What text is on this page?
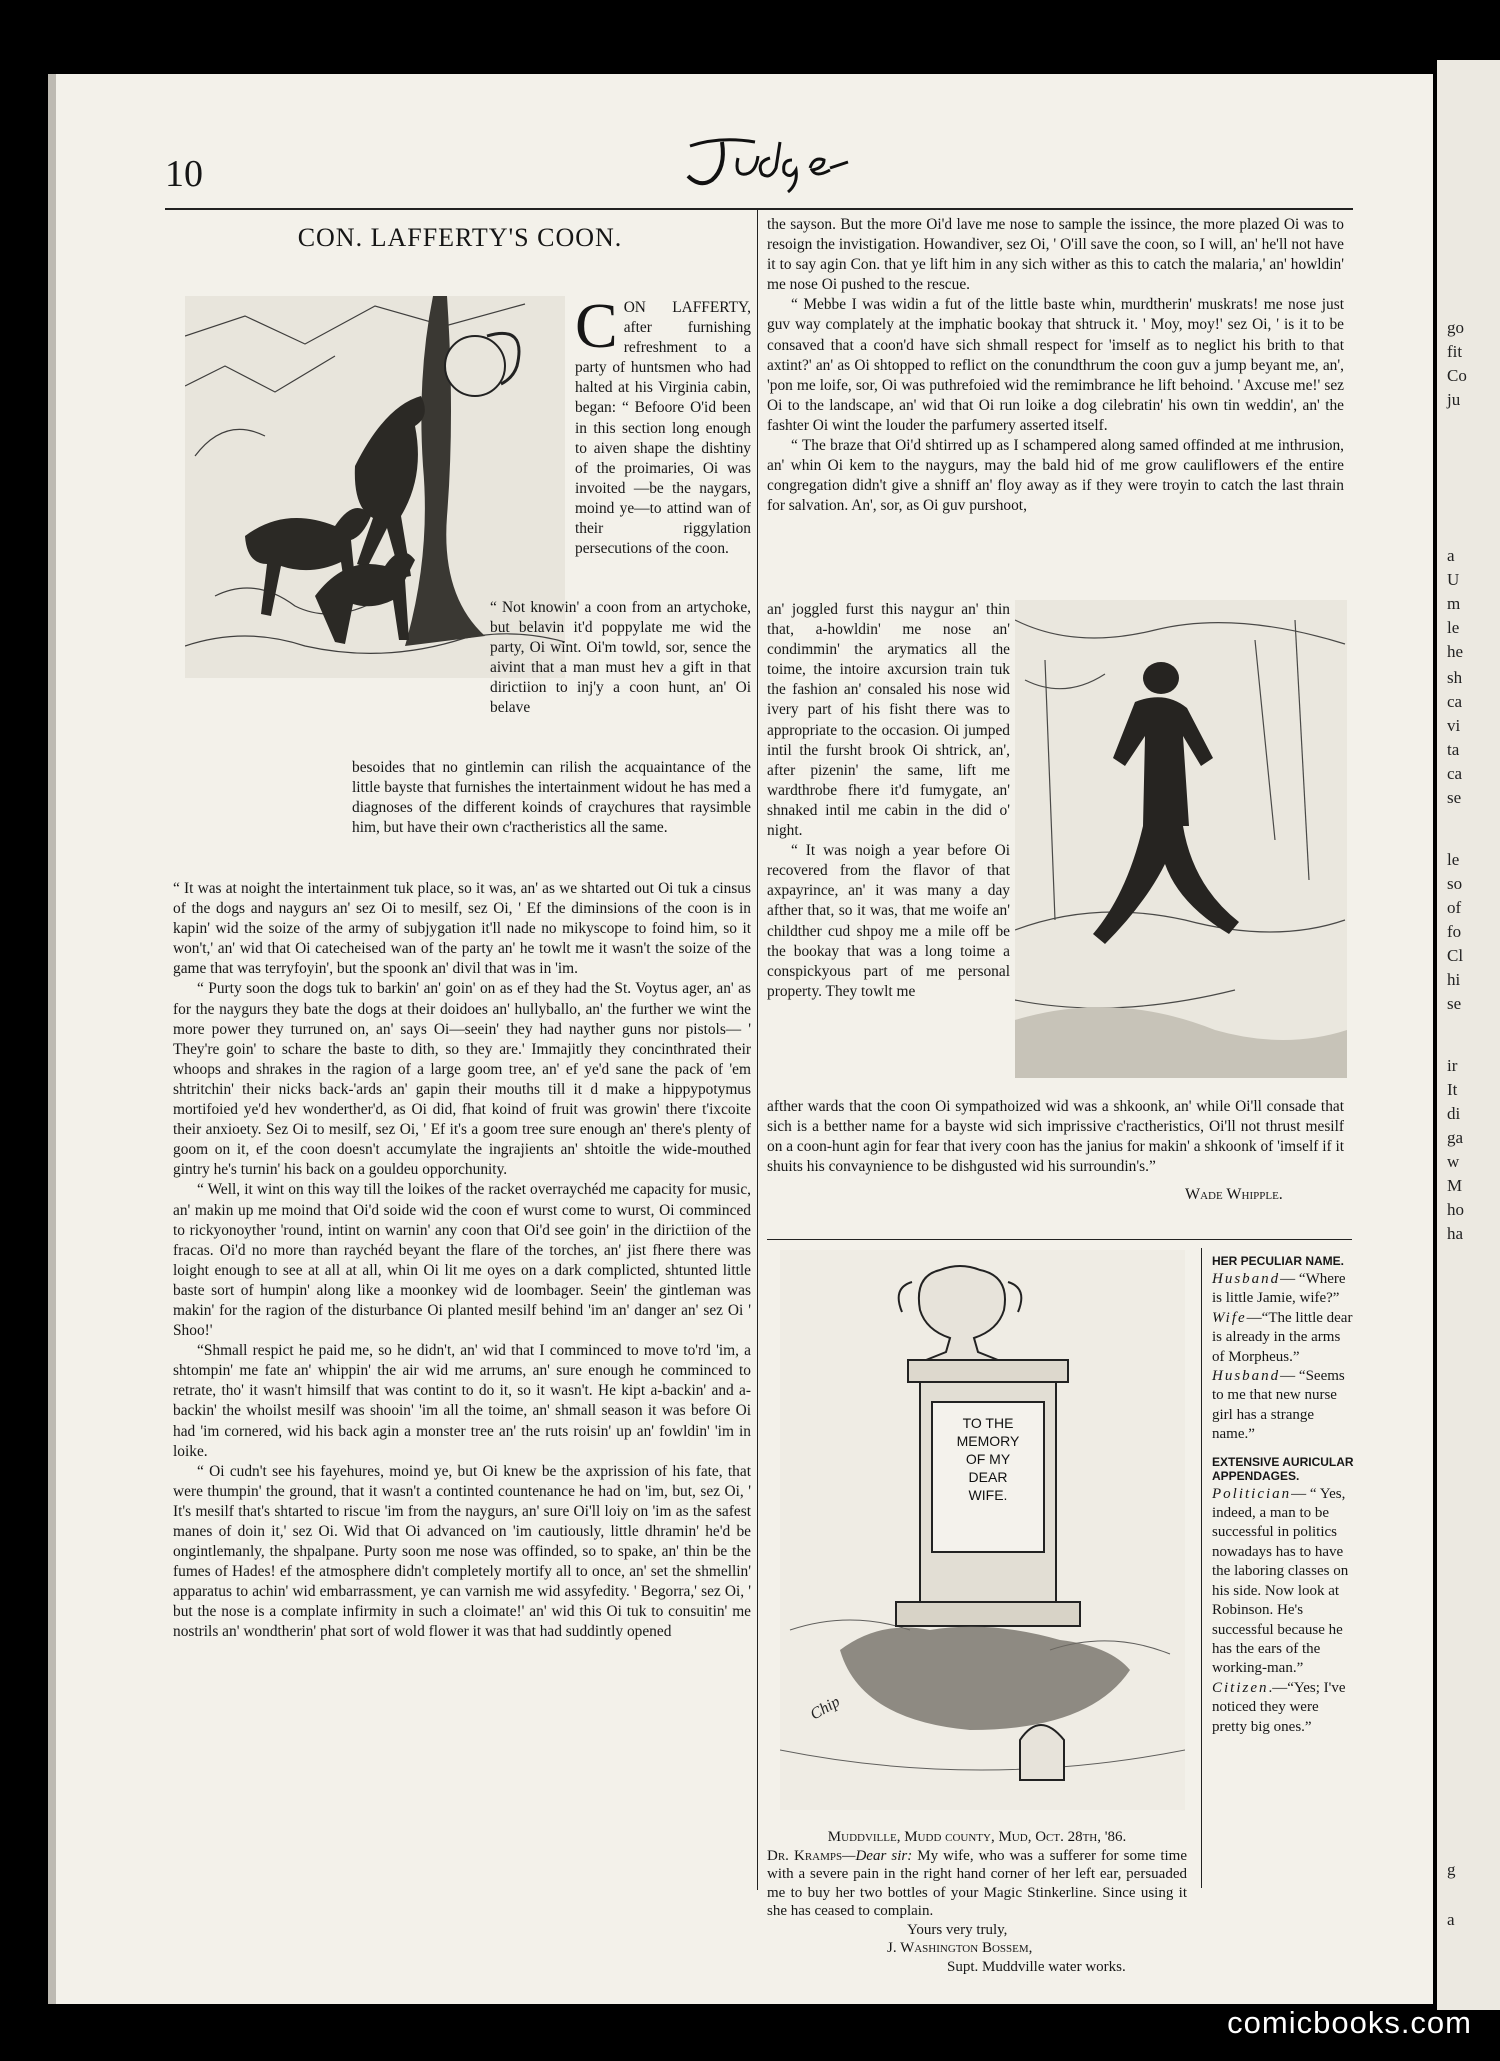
go
fit
Co
ju
a
U
m
le
he
sh
ca
vi
ta
ca
se
le
so
of
fo
Cl
hi
se
ir
It
di
ga
w
M
ho
ha
g
a
10
CON. LAFFERTY'S COON.

CON LAFFERTY, after furnishing refreshment to a party of huntsmen who had halted at his Virginia cabin, began: “ Befoore O'id been in this section long enough to aiven shape the dishtiny of the proimaries, Oi was invoited —be the naygars, moind ye—to attind wan of their riggylation persecutions of the coon.

“ Not knowin' a coon from an artychoke, but belavin it'd poppylate me wid the party, Oi wint. Oi'm towld, sor, sence the aivint that a man must hev a gift in that dirictiion to inj'y a coon hunt, an' Oi belave

besoides that no gintlemin can rilish the acquaintance of the little bayste that furnishes the intertainment widout he has med a diagnoses of the different koinds of craychures that raysimble him, but have their own c'ractheristics all the same.

“ It was at noight the intertainment tuk place, so it was, an' as we shtarted out Oi tuk a cinsus of the dogs and naygurs an' sez Oi to mesilf, sez Oi, ' Ef the diminsions of the coon is in kapin' wid the soize of the army of subjygation it'll nade no mikyscope to foind him, so it won't,' an' wid that Oi catecheised wan of the party an' he towlt me it wasn't the soize of the game that was terryfoyin', but the spoonk an' divil that was in 'im.

“ Purty soon the dogs tuk to barkin' an' goin' on as ef they had the St. Voytus ager, an' as for the naygurs they bate the dogs at their doidoes an' hullyballo, an' the further we wint the more power they turruned on, an' says Oi—seein' they had nayther guns nor pistols— ' They're goin' to schare the baste to dith, so they are.' Immajitly they concinthrated their whoops and shrakes in the ragion of a large goom tree, an' ef ye'd sane the pack of 'em shtritchin' their nicks back-'ards an' gapin their mouths till it d make a hippypotymus mortifoied ye'd hev wonderther'd, as Oi did, fhat koind of fruit was growin' there t'ixcoite their anxioety. Sez Oi to mesilf, sez Oi, ' Ef it's a goom tree sure enough an' there's plenty of goom on it, ef the coon doesn't accumylate the ingrajients an' shtoitle the wide-mouthed gintry he's turnin' his back on a gouldeu opporchunity.

“ Well, it wint on this way till the loikes of the racket overraychéd me capacity for music, an' makin up me moind that Oi'd soide wid the coon ef wurst come to wurst, Oi comminced to rickyonoyther 'round, intint on warnin' any coon that Oi'd see goin' in the dirictiion of the fracas. Oi'd no more than raychéd beyant the flare of the torches, an' jist fhere there was loight enough to see at all at all, whin Oi lit me oyes on a dark complicted, shtunted little baste sort of humpin' along like a moonkey wid de loombager. Seein' the gintleman was makin' for the ragion of the disturbance Oi planted mesilf behind 'im an' danger an' sez Oi ' Shoo!'

“Shmall respict he paid me, so he didn't, an' wid that I comminced to move to'rd 'im, a shtompin' me fate an' whippin' the air wid me arrums, an' sure enough he comminced to retrate, tho' it wasn't himsilf that was contint to do it, so it wasn't. He kipt a-backin' and a-backin' the whoilst mesilf was shooin' 'im all the toime, an' shmall season it was before Oi had 'im cornered, wid his back agin a monster tree an' the ruts roisin' up an' fowldin' 'im in loike.

“ Oi cudn't see his fayehures, moind ye, but Oi knew be the axprission of his fate, that were thumpin' the ground, that it wasn't a continted countenance he had on 'im, but, sez Oi, ' It's mesilf that's shtarted to riscue 'im from the naygurs, an' sure Oi'll loiy on 'im as the safest manes of doin it,' sez Oi. Wid that Oi advanced on 'im cautiously, little dhramin' he'd be ongintlemanly, the shpalpane. Purty soon me nose was offinded, so to spake, an' thin be the fumes of Hades! ef the atmosphere didn't completely mortify all to once, an' set the shmellin' apparatus to achin' wid embarrassment, ye can varnish me wid assyfedity. ' Begorra,' sez Oi, ' but the nose is a complate infirmity in such a cloimate!' an' wid this Oi tuk to consuitin' me nostrils an' wondtherin' phat sort of wold flower it was that had suddintly opened

the sayson. But the more Oi'd lave me nose to sample the issince, the more plazed Oi was to resoign the invistigation. Howandiver, sez Oi, ' O'ill save the coon, so I will, an' he'll not have it to say agin Con. that ye lift him in any sich wither as this to catch the malaria,' an' howldin' me nose Oi pushed to the rescue.

“ Mebbe I was widin a fut of the little baste whin, murdtherin' muskrats! me nose just guv way complately at the imphatic bookay that shtruck it. ' Moy, moy!' sez Oi, ' is it to be consaved that a coon'd have sich shmall respect for 'imself as to neglict his brith to that axtint?' an' as Oi shtopped to reflict on the conundthrum the coon guv a jump beyant me, an', 'pon me loife, sor, Oi was puthrefoied wid the remimbrance he lift behoind. ' Axcuse me!' sez Oi to the landscape, an' wid that Oi run loike a dog cilebratin' his own tin weddin', an' the fashter Oi wint the louder the parfumery asserted itself.

“ The braze that Oi'd shtirred up as I schampered along samed offinded at me inthrusion, an' whin Oi kem to the naygurs, may the bald hid of me grow cauliflowers ef the entire congregation didn't give a shniff an' floy away as if they were troyin to catch the last thrain for salvation. An', sor, as Oi guv purshoot,

an' joggled furst this naygur an' thin that, a-howldin' me nose an' condimmin' the arymatics all the toime, the intoire axcursion train tuk the fashion an' consaled his nose wid ivery part of his fisht there was to appropriate to the occasion. Oi jumped intil the fursht brook Oi shtrick, an', after pizenin' the same, lift me wardthrobe fhere it'd fumygate, an' shnaked intil me cabin in the did o' night.

“ It was noigh a year before Oi recovered from the flavor of that axpayrince, an' it was many a day afther that, so it was, that me woife an' childther cud shpoy me a mile off be the bookay that was a long toime a conspickyous part of me personal property. They towlt me

afther wards that the coon Oi sympathoized wid was a shkoonk, an' while Oi'll consade that sich is a betther name for a bayste wid sich imprissive c'ractheristics, Oi'll not thrust mesilf on a coon-hunt agin for fear that ivery coon has the janius for makin' a shkoonk of 'imself if it shuits his convaynience to be dishgusted wid his surroundin's.”

Wade Whipple.
TO THE MEMORY OF MY DEAR WIFE.
Chip

Muddville, Mudd county, Mud, Oct. 28th, '86.

Dr. Kramps—Dear sir: My wife, who was a sufferer for some time with a severe pain in the right hand corner of her left ear, persuaded me to buy her two bottles of your Magic Stinkerline. Since using it she has ceased to complain.

Yours very truly,

J. Washington Bossem,

Supt. Muddville water works.

HER PECULIAR NAME.

Husband— “Where is little Jamie, wife?”

Wife—“The little dear is already in the arms of Morpheus.”

Husband— “Seems to me that new nurse girl has a strange name.”

EXTENSIVE AURICULAR APPENDAGES.

Politician— “ Yes, indeed, a man to be successful in politics nowadays has to have the laboring classes on his side. Now look at Robinson. He's successful because he has the ears of the working-man.”

Citizen.—“Yes; I've noticed they were pretty big ones.”

comicbooks.com
